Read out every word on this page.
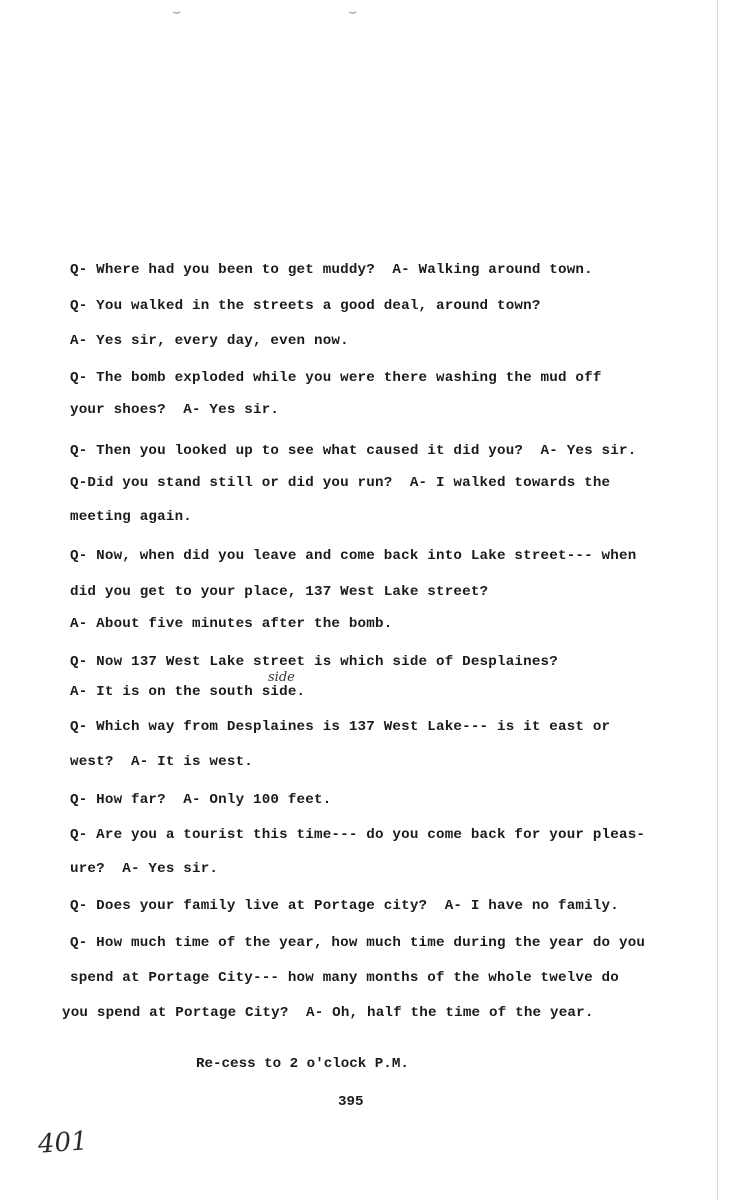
⌣	⌣
Q- Where had you been to get muddy?  A- Walking around town.
Q- You walked in the streets a good deal, around town?
A- Yes sir, every day, even now.
Q- The bomb exploded while you were there washing the mud off
your shoes?  A- Yes sir.
Q- Then you looked up to see what caused it did you?  A- Yes sir.
Q-Did you stand still or did you run?  A- I walked towards the
meeting again.
Q- Now, when did you leave and come back into Lake street--- when
did you get to your place, 137 West Lake street?
A- About five minutes after the bomb.
Q- Now 137 West Lake street is which side of Desplaines?
side
A- It is on the south side.
Q- Which way from Desplaines is 137 West Lake--- is it east or
west?  A- It is west.
Q- How far?  A- Only 100 feet.
Q- Are you a tourist this time--- do you come back for your pleas-
ure?  A- Yes sir.
Q- Does your family live at Portage city?  A- I have no family.
Q- How much time of the year, how much time during the year do you
spend at Portage City--- how many months of the whole twelve do
you spend at Portage City?  A- Oh, half the time of the year.
Re-cess to 2 o'clock P.M.
395
401
